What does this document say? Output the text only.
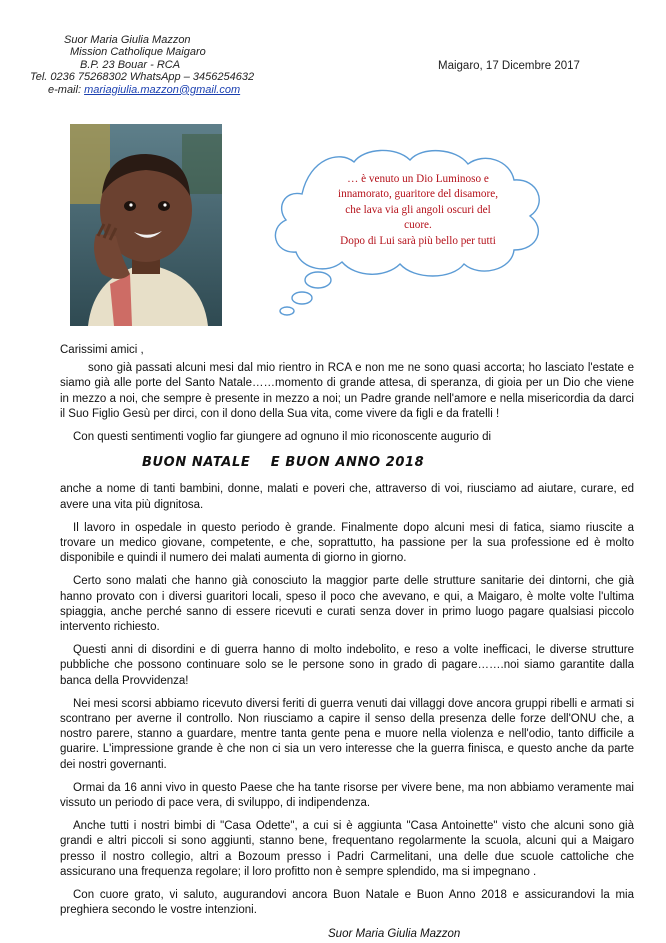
Suor Maria Giulia Mazzon
Mission Catholique Maigaro
B.P. 23 Bouar - RCA
Tel. 0236 75268302 WhatsApp – 3456254632
e-mail: mariagiulia.mazzon@gmail.com
Maigaro, 17 Dicembre 2017
… è venuto un Dio Luminoso e
innamorato, guaritore del disamore,
che lava via gli angoli oscuri del
cuore.
Dopo di Lui sarà più bello per tutti

Carissimi amici ,

sono già passati alcuni mesi dal mio rientro in RCA e non me ne sono quasi accorta; ho lasciato l'estate e siamo già alle porte del Santo Natale……momento di grande attesa, di speranza, di gioia per un Dio che viene in mezzo a noi, che sempre è presente in mezzo a noi; un Padre grande nell'amore e nella misericordia da darci il Suo Figlio Gesù per dirci, con il dono della Sua vita, come vivere da figli e da fratelli !

Con questi sentimenti voglio far giungere ad ognuno il mio riconoscente augurio di

BUON NATALE    E BUON ANNO 2018

anche a nome di tanti bambini, donne, malati e poveri che, attraverso di voi, riusciamo ad aiutare, curare, ed avere una vita più dignitosa.

Il lavoro in ospedale in questo periodo è grande. Finalmente dopo alcuni mesi di fatica, siamo riuscite a trovare un medico giovane, competente, e che, soprattutto, ha passione per la sua professione ed è molto disponibile e quindi il numero dei malati aumenta di giorno in giorno.

Certo sono malati che hanno già conosciuto la maggior parte delle strutture sanitarie dei dintorni, che già hanno provato con i diversi guaritori locali, speso il poco che avevano, e qui, a Maigaro, è molte volte l'ultima spiaggia, anche perché sanno di essere ricevuti e curati senza dover in primo luogo pagare qualsiasi piccolo intervento richiesto.

Questi anni di disordini e di guerra hanno di molto indebolito, e reso a volte inefficaci, le diverse strutture pubbliche che possono continuare solo se le persone sono in grado di pagare…….noi siamo garantite dalla banca della Provvidenza!

Nei mesi scorsi abbiamo ricevuto diversi feriti di guerra venuti dai villaggi dove ancora gruppi ribelli e armati si scontrano per averne il controllo. Non riusciamo a capire il senso della presenza delle forze dell'ONU che, a nostro parere, stanno a guardare, mentre tanta gente pena e muore nella violenza e nell'odio, tanto difficile a guarire. L'impressione grande è che non ci sia un vero interesse che la guerra finisca, e questo anche da parte dei nostri governanti.

Ormai da 16 anni vivo in questo Paese che ha tante risorse per vivere bene, ma non abbiamo veramente mai vissuto un periodo di pace vera, di sviluppo, di indipendenza.

Anche tutti i nostri bimbi di "Casa Odette", a cui si è aggiunta "Casa Antoinette" visto che alcuni sono già grandi e altri piccoli si sono aggiunti, stanno bene, frequentano regolarmente la scuola, alcuni qui a Maigaro presso il nostro collegio, altri a Bozoum presso i Padri Carmelitani, una delle due scuole cattoliche che assicurano una frequenza regolare; il loro profitto non è sempre splendido, ma si impegnano .

Con cuore grato, vi saluto, augurandovi ancora Buon Natale e Buon Anno 2018 e assicurandovi la mia preghiera secondo le vostre intenzioni.

Suor Maria Giulia Mazzon
